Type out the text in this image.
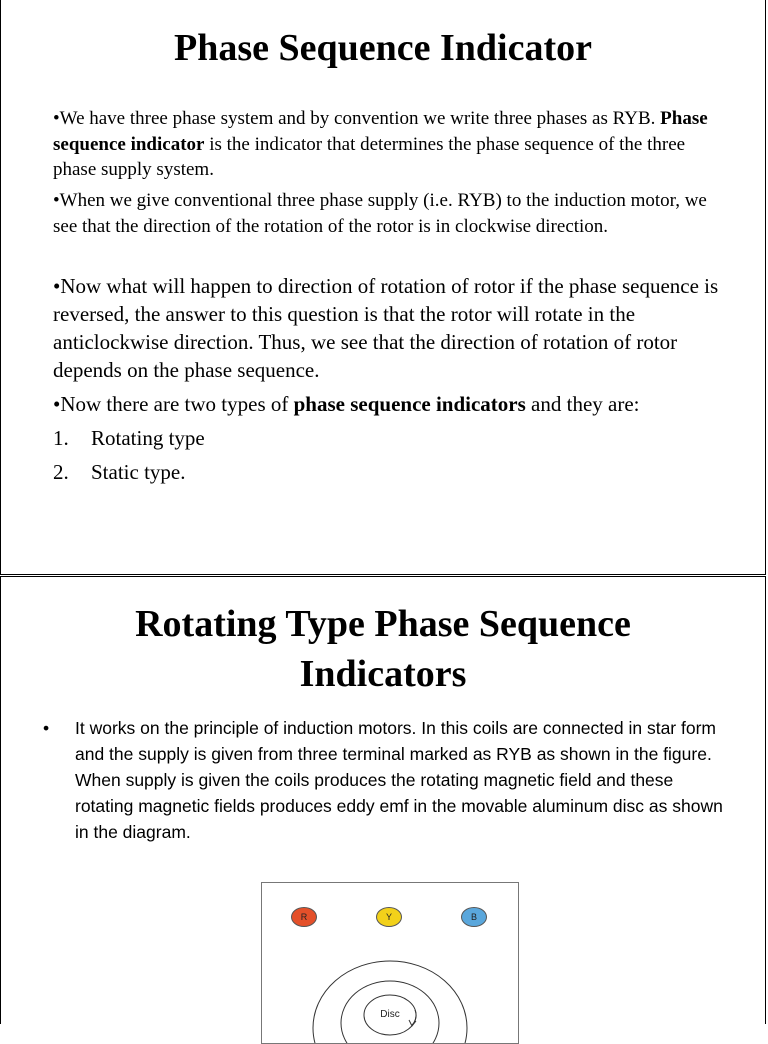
Phase Sequence Indicator

•We have three phase system and by convention we write three phases as RYB. Phase sequence indicator is the indicator that determines the phase sequence of the three phase supply system.

•When we give conventional three phase supply (i.e. RYB) to the induction motor, we see that the direction of the rotation of the rotor is in clockwise direction.

•Now what will happen to direction of rotation of rotor if the phase sequence is reversed, the answer to this question is that the rotor will rotate in the anticlockwise direction. Thus, we see that the direction of rotation of rotor depends on the phase sequence.

•Now there are two types of phase sequence indicators and they are:

1. Rotating type
2. Static type.
Rotating Type Phase Sequence
Indicators
• It works on the principle of induction motors. In this coils are connected in star form and the supply is given from three terminal marked as RYB as shown in the figure. When supply is given the coils produces the rotating magnetic field and these rotating magnetic fields produces eddy emf in the movable aluminum disc as shown in the diagram.
R	Y	B
Disc
